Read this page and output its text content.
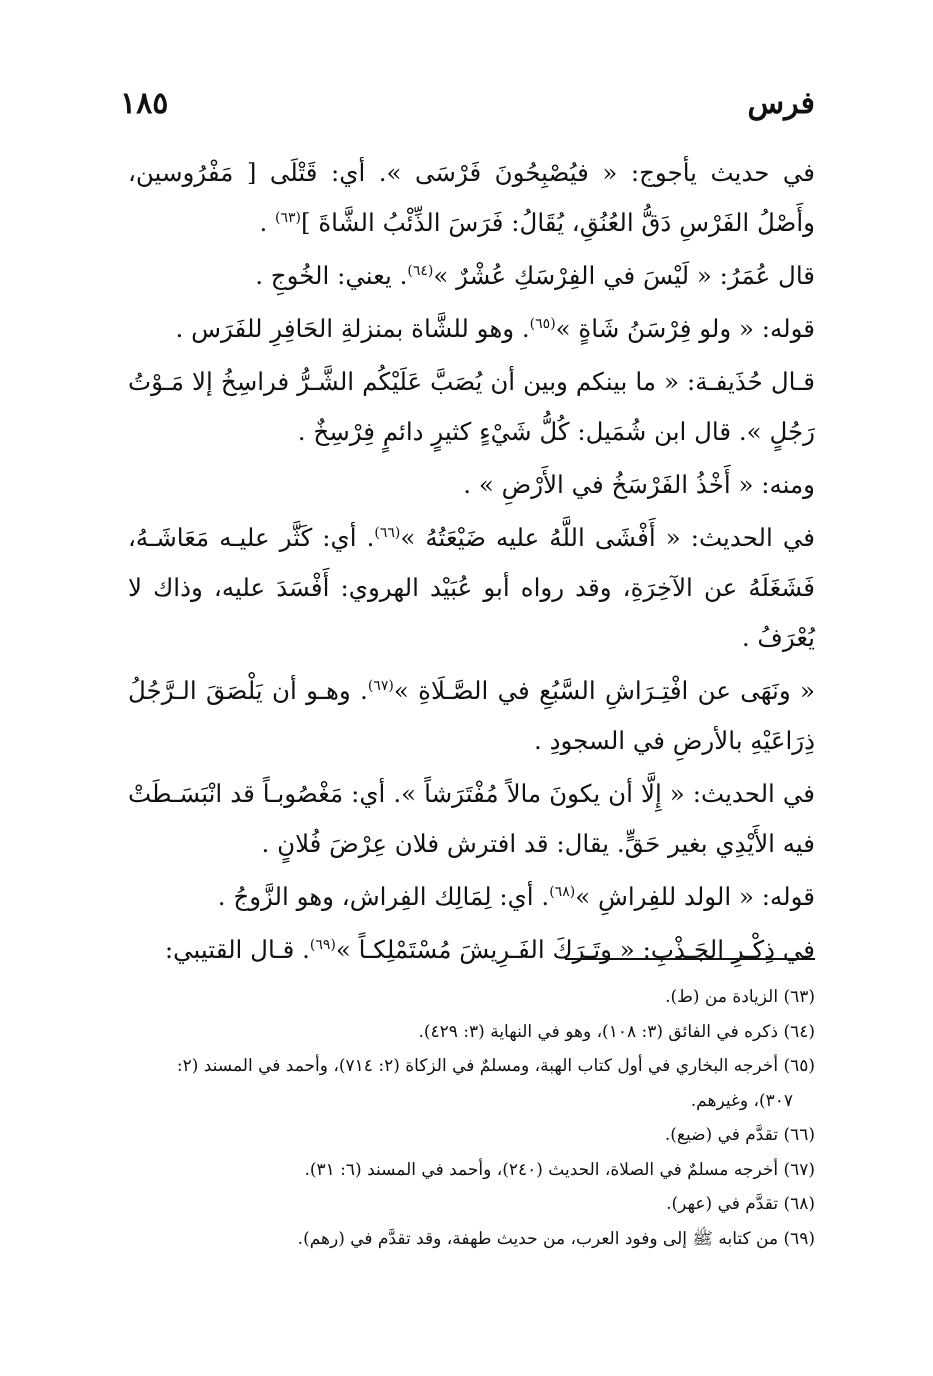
فرس
١٨٥

في حديث يأجوج: « فيُصْبِحُونَ فَرْسَى ». أي: قَتْلَى [ مَفْرُوسين، وأَصْلُ الفَرْسِ دَقُّ العُنُقِ، يُقَالُ: فَرَسَ الذِّئْبُ الشَّاةَ ]$^{(٦٣)}$ .

قال عُمَرُ: « لَيْسَ في الفِرْسَكِ عُشْرٌ »$^{(٦٤)}$. يعني: الخُوجِ .

قوله: « ولو فِرْسَنُ شَاةٍ »$^{(٦٥)}$. وهو للشَّاة بمنزلةِ الحَافِرِ للفَرَس .

قـال حُذَيفـة: « ما بينكم وبين أن يُصَبَّ عَلَيْكُم الشَّـرُّ فراسِخُ إلا مَـوْتُ رَجُلٍ ». قال ابن شُمَيل: كُلُّ شَيْءٍ كثيرٍ دائمٍ فِرْسِخٌ .

ومنه: « أَخْذُ الفَرْسَخُ في الأَرْضِ » .

في الحديث: « أَفْشَى اللَّهُ عليه ضَيْعَتُهُ »$^{(٦٦)}$. أي: كَثَّر عليـه مَعَاشَـهُ، فَشَغَلَهُ عن الآخِرَةِ، وقد رواه أبو عُبَيْد الهروي: أَفْسَدَ عليه، وذاك لا يُعْرَفُ .

« ونَهَى عن افْتِـرَاشِ السَّبُعِ في الصَّـلَاةِ »$^{(٦٧)}$. وهـو أن يَلْصَقَ الـرَّجُلُ ذِرَاعَيْهِ بالأرضِ في السجودِ .

في الحديث: « إِلَّا أن يكونَ مالاً مُفْتَرَشاً ». أي: مَغْصُوبـاً قد انْبَسَـطَتْ فيه الأَيْدِي بغير حَقٍّ. يقال: قد افترش فلان عِرْضَ فُلانٍ .

قوله: « الولد للفِراشِ »$^{(٦٨)}$. أي: لِمَالِك الفِراش، وهو الزَّوجُ .

في ذِكْـرِ الجَـذْبِ: « وتَـرَكَ الفَـرِيشَ مُسْتَمْلِكـاً »$^{(٦٩)}$. قـال القتيبي:

(٦٣) الزيادة من (ط).

(٦٤) ذكره في الفائق (٣: ١٠٨)، وهو في النهاية (٣: ٤٢٩).

(٦٥) أخرجه البخاري في أول كتاب الهبة، ومسلمٌ في الزكاة (٢: ٧١٤)، وأحمد في المسند (٢:

٣٠٧)، وغيرهم.

(٦٦) تقدَّم في (ضيع).

(٦٧) أخرجه مسلمٌ في الصلاة، الحديث (٢٤٠)، وأحمد في المسند (٦: ٣١).

(٦٨) تقدَّم في (عهر).

(٦٩) من كتابه ﷺ إلى وفود العرب، من حديث طهفة، وقد تقدَّم في (رهم).
